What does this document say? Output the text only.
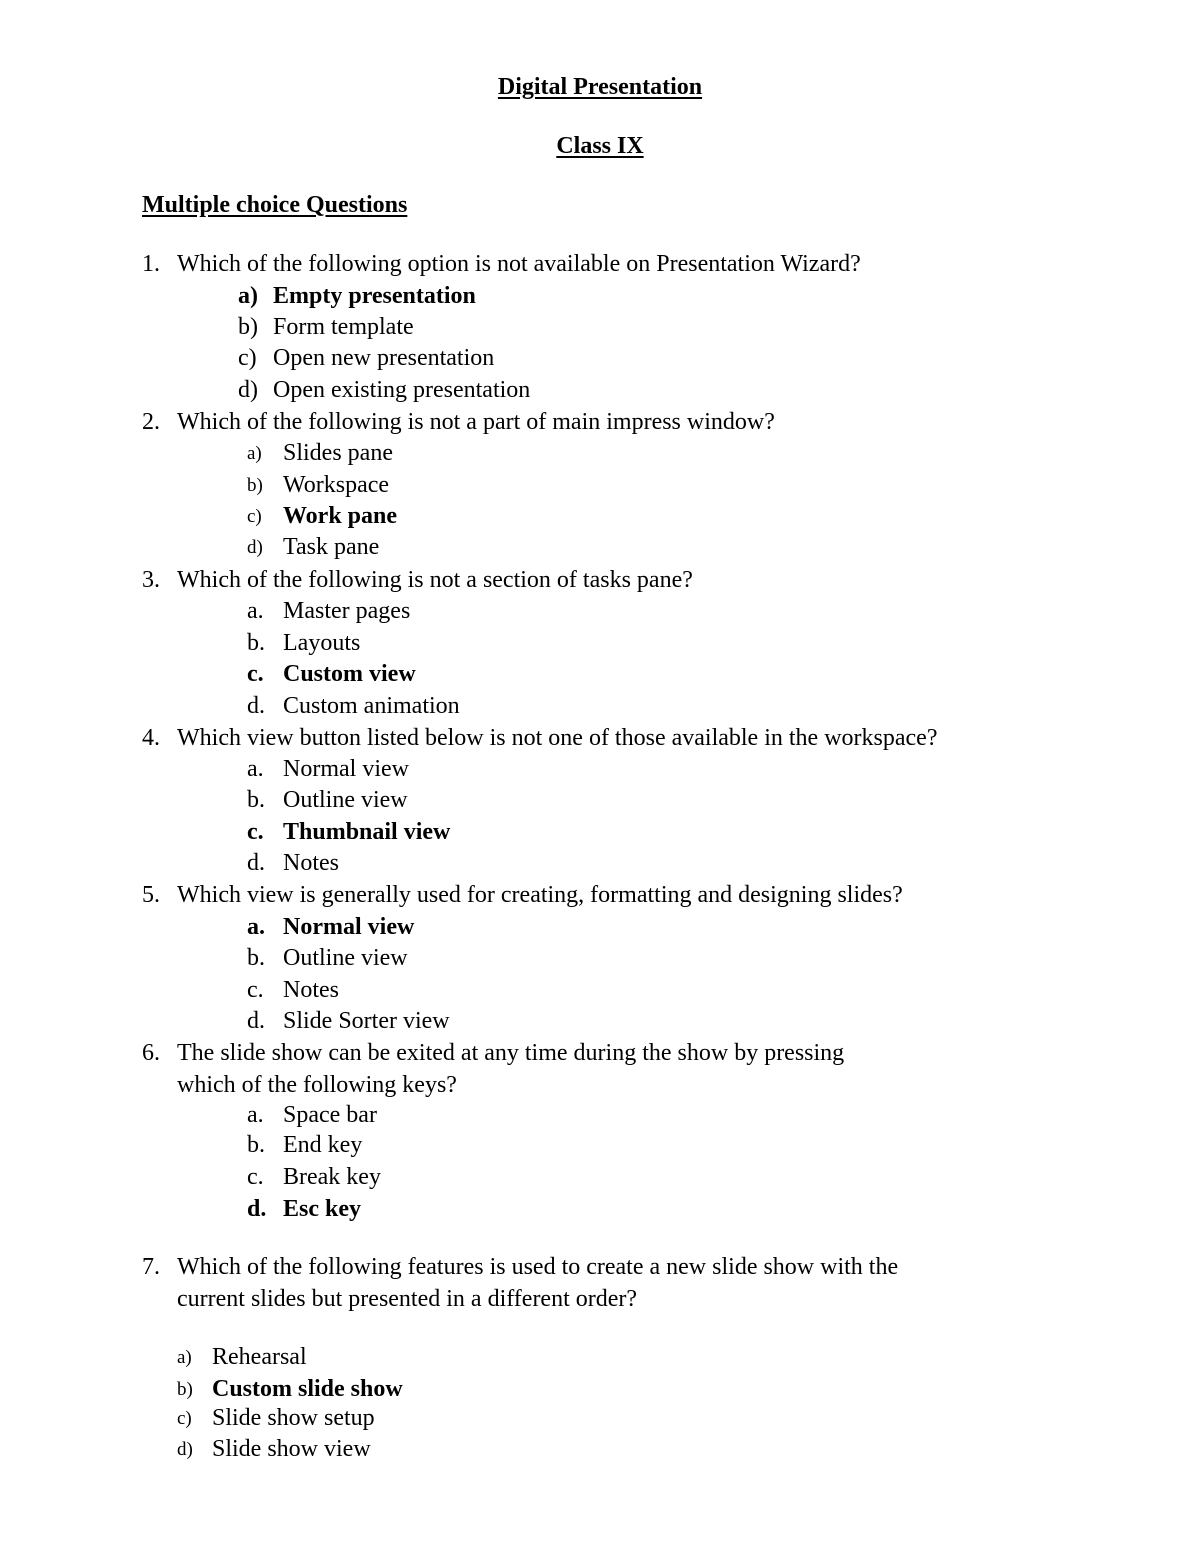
Digital Presentation
Class IX
Multiple choice Questions
1. Which of the following option is not available on Presentation Wizard?
a) Empty presentation
b) Form template
c) Open new presentation
d) Open existing presentation
2. Which of the following is not a part of main impress window?
a) Slides pane
b) Workspace
c) Work pane
d) Task pane
3. Which of the following is not a section of tasks pane?
a. Master pages
b. Layouts
c. Custom view
d. Custom animation
4. Which view button listed below is not one of those available in the workspace?
a. Normal view
b. Outline view
c. Thumbnail view
d. Notes
5. Which view is generally used for creating, formatting and designing slides?
a. Normal view
b. Outline view
c. Notes
d. Slide Sorter view
6. The slide show can be exited at any time during the show by pressing
which of the following keys?
a. Space bar
b. End key
c. Break key
d. Esc key
7. Which of the following features is used to create a new slide show with the
current slides but presented in a different order?
a) Rehearsal
b) Custom slide show
c) Slide show setup
d) Slide show view
